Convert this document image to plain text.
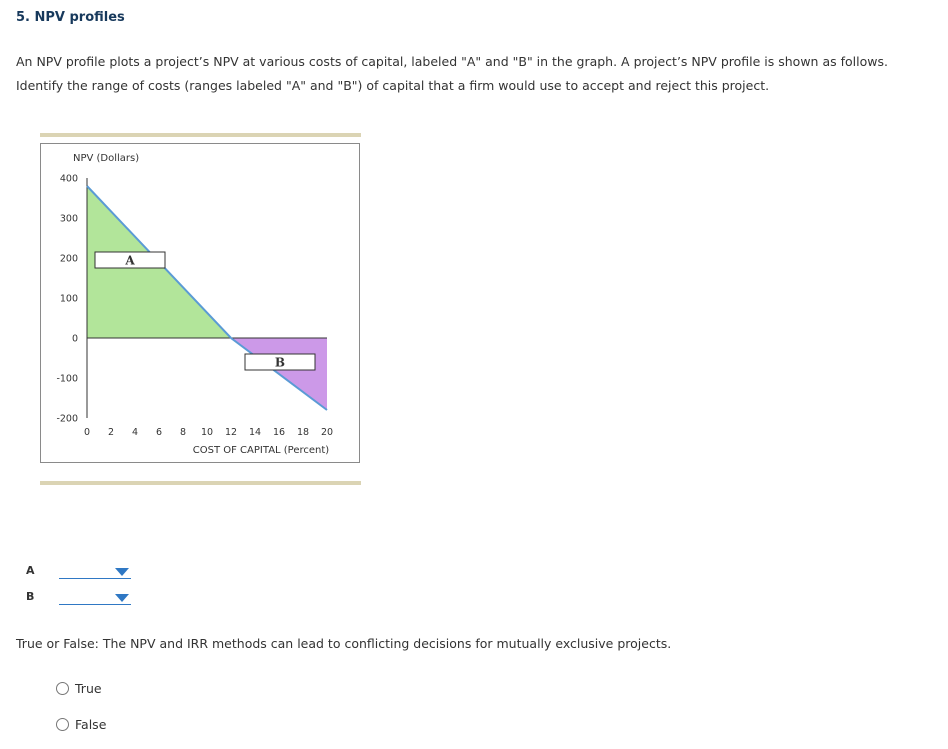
5. NPV profiles
An NPV profile plots a project’s NPV at various costs of capital, labeled "A" and "B" in the graph. A project’s NPV profile is shown as follows. Identify the range of costs (ranges labeled "A" and "B") of capital that a firm would use to accept and reject this project.
400
300
200
100
0
-100
-200
0 2 4 6 8 10 12 14 16 18 20
A
B
NPV (Dollars)
COST OF CAPITAL (Percent)
A
B
True or False: The NPV and IRR methods can lead to conflicting decisions for mutually exclusive projects.
True
False
